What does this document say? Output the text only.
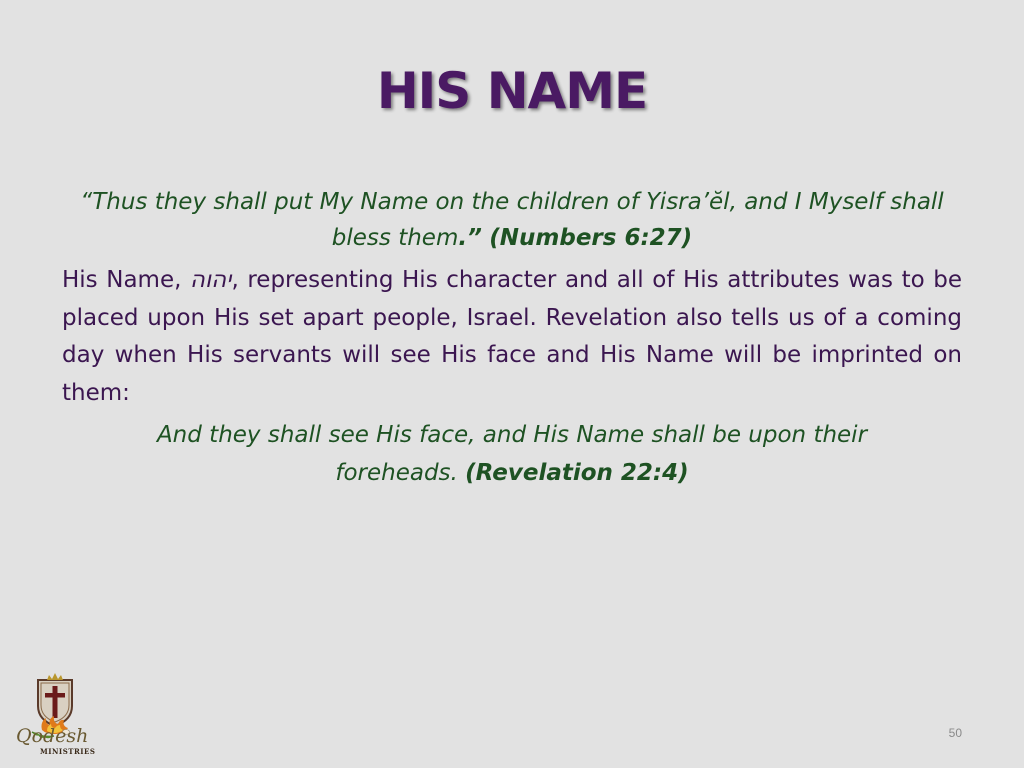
HIS NAME

“Thus they shall put My Name on the children of Yisra’ĕl, and I Myself shall bless them.” (Numbers 6:27)

His Name, יהוה, representing His character and all of His attributes was to be placed upon His set apart people, Israel. Revelation also tells us of a coming day when His servants will see His face and His Name will be imprinted on them:

And they shall see His face, and His Name shall be upon their foreheads. (Revelation 22:4)

Qodesh
MINISTRIES
50
